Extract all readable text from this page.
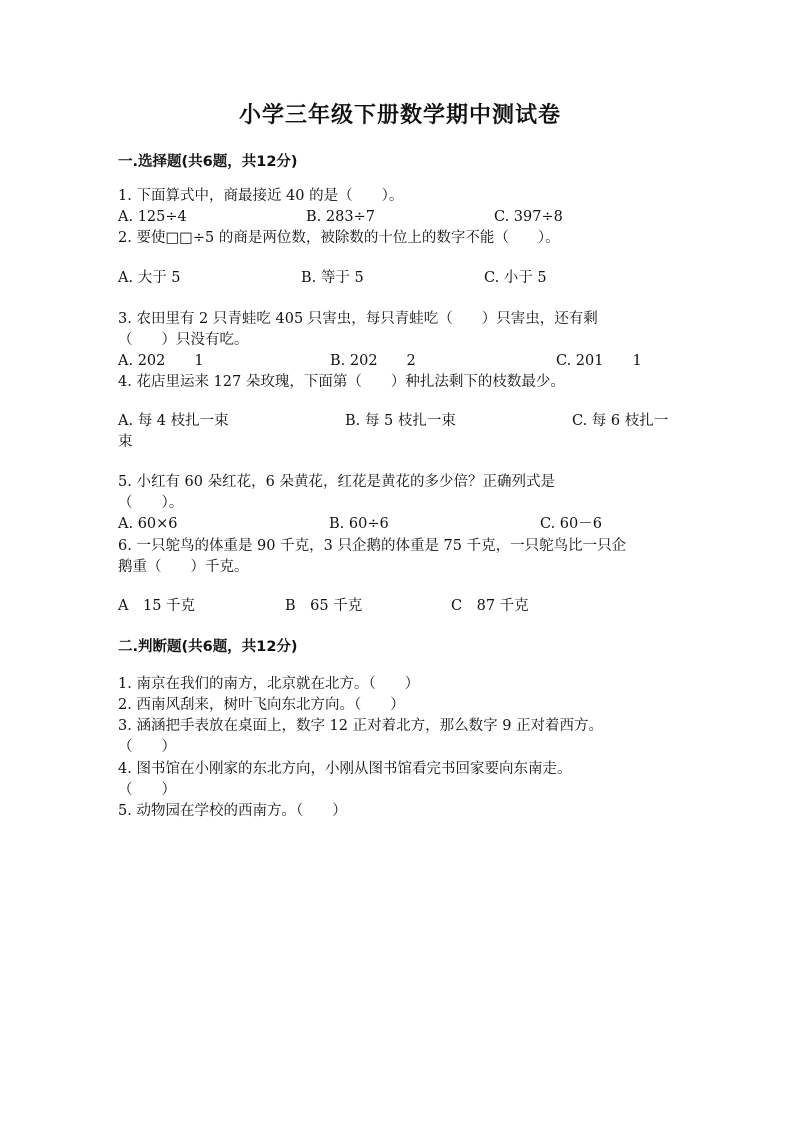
小学三年级下册数学期中测试卷
一.选择题(共6题，共12分)
1. 下面算式中，商最接近 40 的是（　　）。
A. 125÷4	B. 283÷7	C. 397÷8
2. 要使□□÷5 的商是两位数，被除数的十位上的数字不能（　　）。
A. 大于 5	B. 等于 5	C. 小于 5
3. 农田里有 2 只青蛙吃 405 只害虫，每只青蛙吃（　　）只害虫，还有剩
（　　）只没有吃。
A. 202　　1	B. 202　　2	C. 201　　1
4. 花店里运来 127 朵玫瑰，下面第（　　）种扎法剩下的枝数最少。
A. 每 4 枝扎一束	B. 每 5 枝扎一束	C. 每 6 枝扎一
束
5. 小红有 60 朵红花，6 朵黄花，红花是黄花的多少倍？正确列式是
（　　）。
A. 60×6	B. 60÷6	C. 60－6
6. 一只鸵鸟的体重是 90 千克，3 只企鹅的体重是 75 千克，一只鸵鸟比一只企
鹅重（　　）千克。
A　15 千克	B　65 千克	C　87 千克
二.判断题(共6题，共12分)
1. 南京在我们的南方，北京就在北方。（　　）
2. 西南风刮来，树叶飞向东北方向。（　　）
3. 涵涵把手表放在桌面上，数字 12 正对着北方，那么数字 9 正对着西方。
（　　）
4. 图书馆在小刚家的东北方向，小刚从图书馆看完书回家要向东南走。
（　　）
5. 动物园在学校的西南方。（　　）
